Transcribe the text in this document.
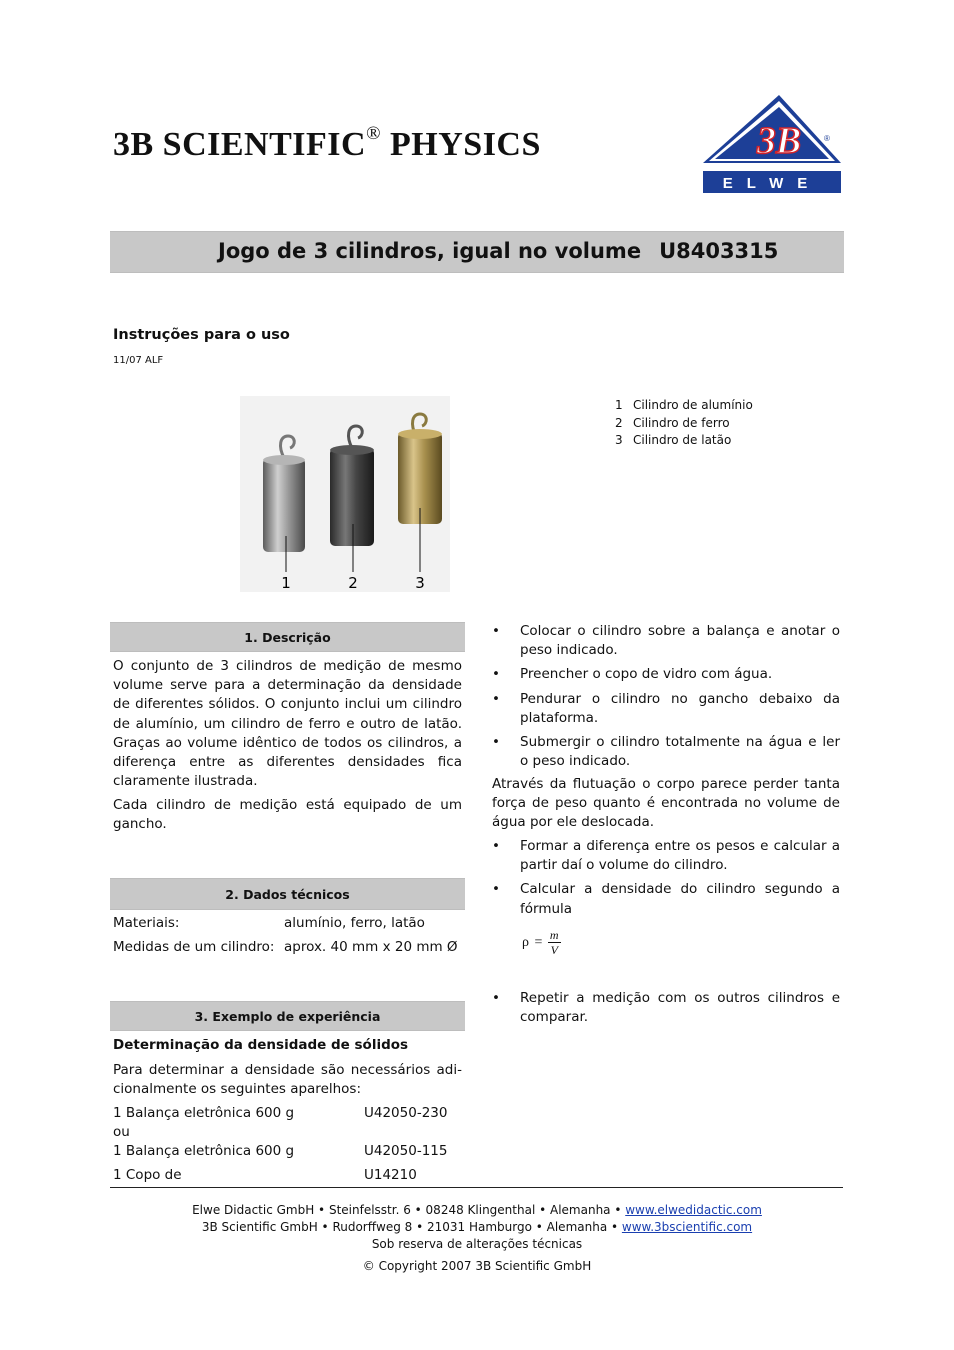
3B SCIENTIFIC® PHYSICS	3B	®
ELWE
Jogo de 3 cilindros, igual no volume U8403315
Instruções para o uso
11/07 ALF
1	2	3
1 Cilindro de alumínio
2 Cilindro de ferro
3 Cilindro de latão
1. Descrição
O conjunto de 3 cilindros de medição de mesmo volume serve para a determinação da densidade de diferentes sólidos. O conjunto inclui um cilindro de alumínio, um cilindro de ferro e outro de latão. Graças ao volume idêntico de todos os cilindros, a diferença entre as diferentes densidades fica claramente ilustrada.
Cada cilindro de medição está equipado de um gancho.
2. Dados técnicos
Materiais:	alumínio, ferro, latão
Medidas de um cilindro: aprox. 40 mm x 20 mm Ø
3. Exemplo de experiência
Determinação da densidade de sólidos
Para determinar a densidade são necessários adi-cionalmente os seguintes aparelhos:
1 Balança eletrônica 600 g	U42050-230
ou
1 Balança eletrônica 600 g	U42050-115
1 Copo de	U14210
• Colocar o cilindro sobre a balança e anotar o peso indicado.
• Preencher o copo de vidro com água.
• Pendurar o cilindro no gancho debaixo da plataforma.
• Submergir o cilindro totalmente na água e ler o peso indicado.
Através da flutuação o corpo parece perder tanta força de peso quanto é encontrada no volume de água por ele deslocada.
• Formar a diferença entre os pesos e calcular a partir daí o volume do cilindro.
• Calcular a densidade do cilindro segundo a fórmula
$\rho = \frac{m}{V}$
• Repetir a medição com os outros cilindros e comparar.
Elwe Didactic GmbH • Steinfelsstr. 6 • 08248 Klingenthal • Alemanha • www.elwedidactic.com
3B Scientific GmbH • Rudorffweg 8 • 21031 Hamburgo • Alemanha • www.3bscientific.com
Sob reserva de alterações técnicas
© Copyright 2007 3B Scientific GmbH
